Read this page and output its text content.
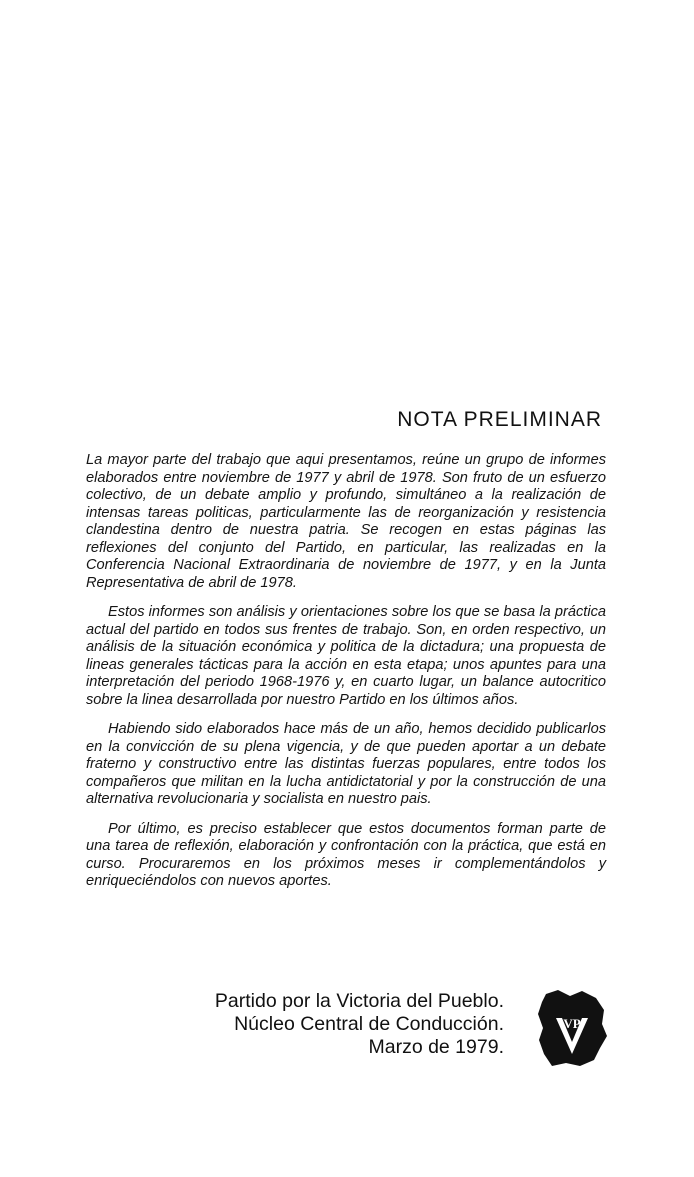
NOTA PRELIMINAR

La mayor parte del trabajo que aqui presentamos, reúne un grupo de informes elaborados entre noviembre de 1977 y abril de 1978. Son fruto de un esfuerzo colectivo, de un debate amplio y profundo, simultáneo a la realización de intensas tareas politicas, particularmente las de reorganización y resistencia clandestina dentro de nuestra patria. Se recogen en estas páginas las reflexiones del conjunto del Partido, en particular, las realizadas en la Conferencia Nacional Extraordinaria de noviembre de 1977, y en la Junta Representativa de abril de 1978.

Estos informes son análisis y orientaciones sobre los que se basa la práctica actual del partido en todos sus frentes de trabajo. Son, en orden respectivo, un análisis de la situación económica y politica de la dictadura; una propuesta de lineas generales tácticas para la acción en esta etapa; unos apuntes para una interpretación del periodo 1968-1976 y, en cuarto lugar, un balance autocritico sobre la linea desarrollada por nuestro Partido en los últimos años.

Habiendo sido elaborados hace más de un año, hemos decidido publicarlos en la convicción de su plena vigencia, y de que pueden aportar a un debate fraterno y constructivo entre las distintas fuerzas populares, entre todos los compañeros que militan en la lucha antidictatorial y por la construcción de una alternativa revolucionaria y socialista en nuestro pais.

Por último, es preciso establecer que estos documentos forman parte de una tarea de reflexión, elaboración y confrontación con la práctica, que está en curso. Procuraremos en los próximos meses ir complementándolos y enriqueciéndolos con nuevos aportes.

Partido por la Victoria del Pueblo.
Núcleo Central de Conducción.
Marzo de 1979.
VP
